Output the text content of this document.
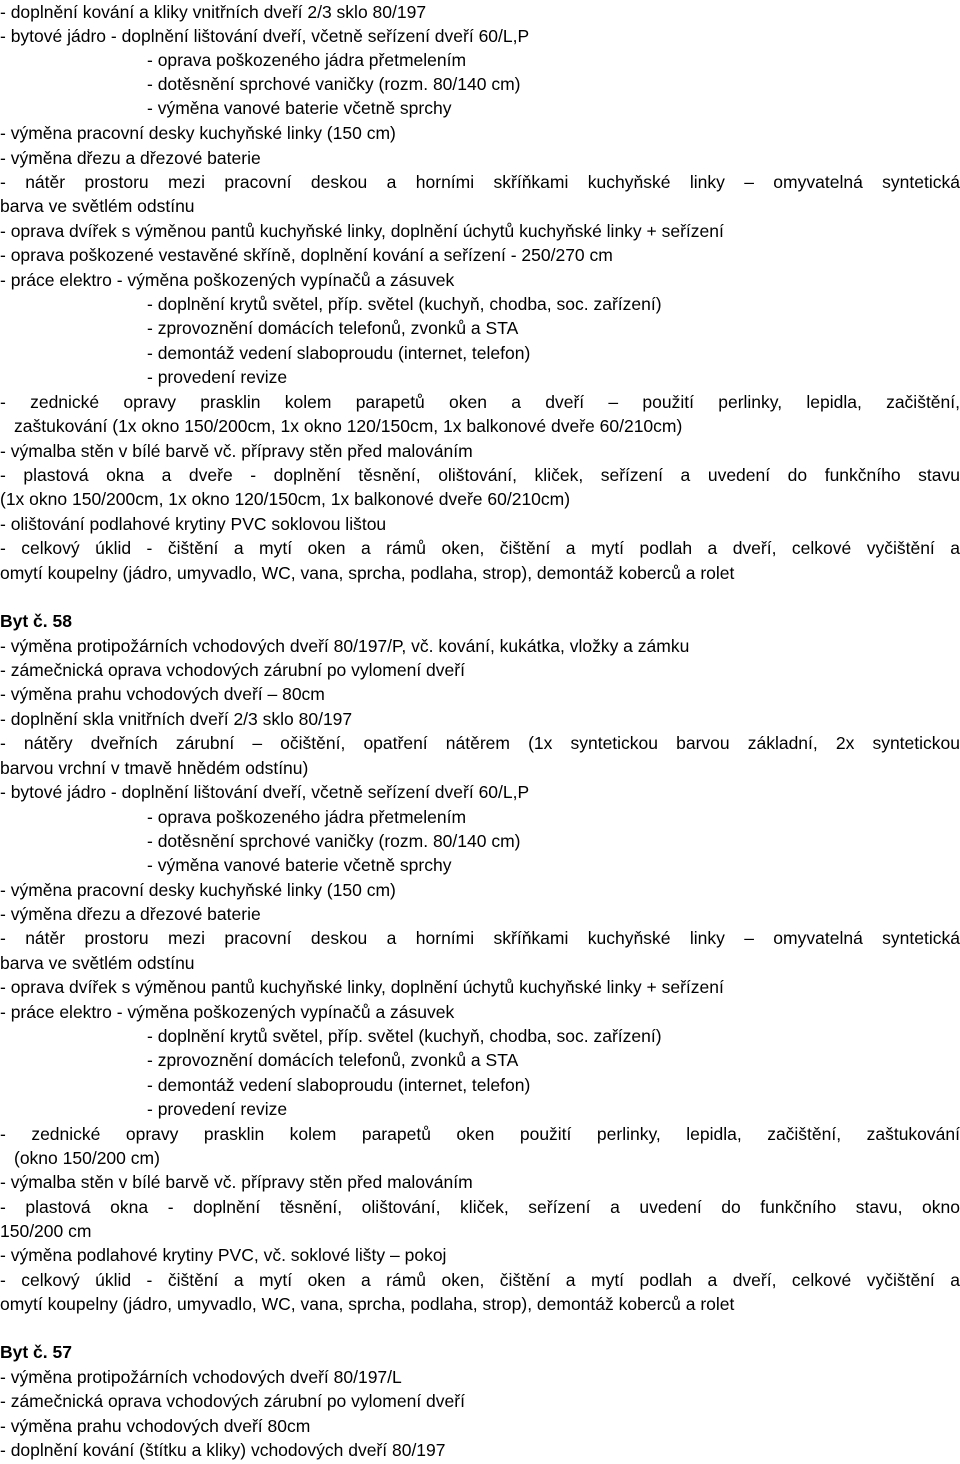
- doplnění kování a kliky vnitřních dveří 2/3 sklo 80/197
- bytové jádro - doplnění lištování dveří, včetně seřízení dveří 60/L,P
- oprava poškozeného jádra přetmelením
- dotěsnění sprchové vaničky (rozm. 80/140 cm)
- výměna vanové baterie včetně sprchy
- výměna pracovní desky kuchyňské linky (150 cm)
- výměna dřezu a dřezové baterie
- nátěr prostoru mezi pracovní deskou a horními skříňkami kuchyňské linky – omyvatelná syntetická
barva ve světlém odstínu
- oprava dvířek s výměnou pantů kuchyňské linky, doplnění úchytů kuchyňské linky + seřízení
- oprava poškozené vestavěné skříně, doplnění kování a seřízení - 250/270 cm
- práce elektro - výměna poškozených vypínačů a zásuvek
- doplnění krytů světel, příp. světel (kuchyň, chodba, soc. zařízení)
- zprovoznění domácích telefonů, zvonků a STA
- demontáž vedení slaboproudu (internet, telefon)
- provedení revize
- zednické opravy prasklin kolem parapetů oken a dveří – použití perlinky, lepidla, začištění,
zaštukování (1x okno 150/200cm, 1x okno 120/150cm, 1x balkonové dveře 60/210cm)
- výmalba stěn v bílé barvě vč. přípravy stěn před malováním
- plastová okna a dveře - doplnění těsnění, olištování, kliček, seřízení a uvedení do funkčního stavu
(1x okno 150/200cm, 1x okno 120/150cm, 1x balkonové dveře 60/210cm)
- olištování podlahové krytiny PVC soklovou lištou
- celkový úklid - čištění a mytí oken a rámů oken, čištění a mytí podlah a dveří, celkové vyčištění a
omytí koupelny (jádro, umyvadlo, WC, vana, sprcha, podlaha, strop), demontáž koberců a rolet
Byt č. 58
- výměna protipožárních vchodových dveří 80/197/P, vč. kování, kukátka, vložky a zámku
- zámečnická oprava vchodových zárubní po vylomení dveří
- výměna prahu vchodových dveří – 80cm
- doplnění skla vnitřních dveří 2/3 sklo 80/197
- nátěry dveřních zárubní – očištění, opatření nátěrem (1x syntetickou barvou základní, 2x syntetickou
barvou vrchní v tmavě hnědém odstínu)
- bytové jádro - doplnění lištování dveří, včetně seřízení dveří 60/L,P
- oprava poškozeného jádra přetmelením
- dotěsnění sprchové vaničky (rozm. 80/140 cm)
- výměna vanové baterie včetně sprchy
- výměna pracovní desky kuchyňské linky (150 cm)
- výměna dřezu a dřezové baterie
- nátěr prostoru mezi pracovní deskou a horními skříňkami kuchyňské linky – omyvatelná syntetická
barva ve světlém odstínu
- oprava dvířek s výměnou pantů kuchyňské linky, doplnění úchytů kuchyňské linky + seřízení
- práce elektro - výměna poškozených vypínačů a zásuvek
- doplnění krytů světel, příp. světel (kuchyň, chodba, soc. zařízení)
- zprovoznění domácích telefonů, zvonků a STA
- demontáž vedení slaboproudu (internet, telefon)
- provedení revize
- zednické opravy prasklin kolem parapetů oken použití perlinky, lepidla, začištění, zaštukování
(okno 150/200 cm)
- výmalba stěn v bílé barvě vč. přípravy stěn před malováním
- plastová okna - doplnění těsnění, olištování, kliček, seřízení a uvedení do funkčního stavu, okno
150/200 cm
- výměna podlahové krytiny PVC, vč. soklové lišty – pokoj
- celkový úklid - čištění a mytí oken a rámů oken, čištění a mytí podlah a dveří, celkové vyčištění a
omytí koupelny (jádro, umyvadlo, WC, vana, sprcha, podlaha, strop), demontáž koberců a rolet
Byt č. 57
- výměna protipožárních vchodových dveří 80/197/L
- zámečnická oprava vchodových zárubní po vylomení dveří
- výměna prahu vchodových dveří 80cm
- doplnění kování (štítku a kliky) vchodových dveří 80/197
